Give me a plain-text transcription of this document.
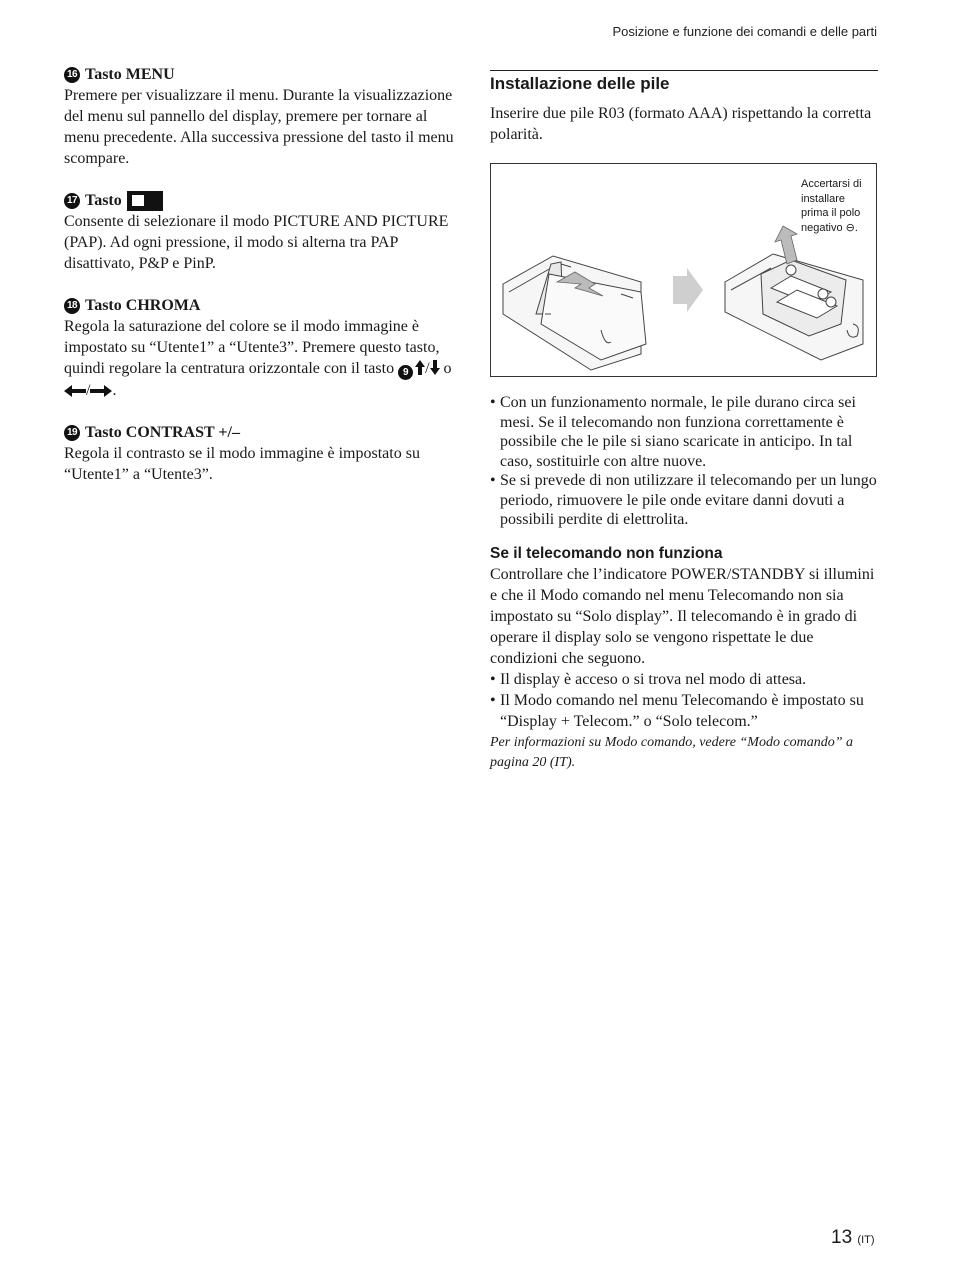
Posizione e funzione dei comandi e delle parti
16 Tasto MENU
Premere per visualizzare il menu. Durante la visualizzazione del menu sul pannello del display, premere per tornare al menu precedente. Alla successiva pressione del tasto il menu scompare.
17 Tasto
Consente di selezionare il modo PICTURE AND PICTURE (PAP). Ad ogni pressione, il modo si alterna tra PAP disattivato, P&P e PinP.
18 Tasto CHROMA
Regola la saturazione del colore se il modo immagine è impostato su “Utente1” a “Utente3”. Premere questo tasto, quindi regolare la centratura orizzontale con il tasto 9 / o / .
19 Tasto CONTRAST +/–
Regola il contrasto se il modo immagine è impostato su “Utente1” a “Utente3”.
Installazione delle pile
Inserire due pile R03 (formato AAA) rispettando la corretta polarità.
Accertarsi di installare prima il polo negativo ⊖.
• Con un funzionamento normale, le pile durano circa sei mesi. Se il telecomando non funziona correttamente è possibile che le pile si siano scaricate in anticipo. In tal caso, sostituirle con altre nuove.
• Se si prevede di non utilizzare il telecomando per un lungo periodo, rimuovere le pile onde evitare danni dovuti a possibili perdite di elettrolita.
Se il telecomando non funziona
Controllare che l’indicatore POWER/STANDBY si illumini e che il Modo comando nel menu Telecomando non sia impostato su “Solo display”. Il telecomando è in grado di operare il display solo se vengono rispettate le due condizioni che seguono.
• Il display è acceso o si trova nel modo di attesa.
• Il Modo comando nel menu Telecomando è impostato su “Display + Telecom.” o “Solo telecom.”
Per informazioni su Modo comando, vedere “Modo comando” a pagina 20 (IT).
13 (IT)
